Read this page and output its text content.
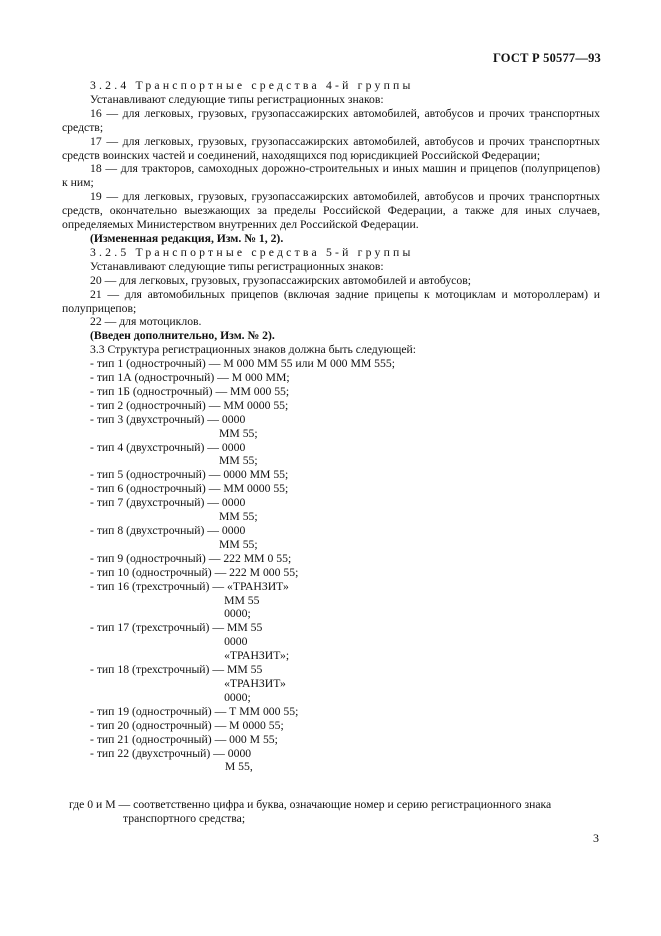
ГОСТ Р 50577—93

3.2.4 Транспортные средства 4-й группы

Устанавливают следующие типы регистрационных знаков:

16 — для легковых, грузовых, грузопассажирских автомобилей, автобусов и прочих транспортных средств;

17 — для легковых, грузовых, грузопассажирских автомобилей, автобусов и прочих транспортных средств воинских частей и соединений, находящихся под юрисдикцией Российской Федерации;

18 — для тракторов, самоходных дорожно-строительных и иных машин и прицепов (полуприцепов) к ним;

19 — для легковых, грузовых, грузопассажирских автомобилей, автобусов и прочих транспортных средств, окончательно выезжающих за пределы Российской Федерации, а также для иных случаев, определяемых Министерством внутренних дел Российской Федерации.

(Измененная редакция, Изм. № 1, 2).

3.2.5 Транспортные средства 5-й группы

Устанавливают следующие типы регистрационных знаков:

20 — для легковых, грузовых, грузопассажирских автомобилей и автобусов;

21 — для автомобильных прицепов (включая задние прицепы к мотоциклам и мотороллерам) и полуприцепов;

22 — для мотоциклов.

(Введен дополнительно, Изм. № 2).

3.3 Структура регистрационных знаков должна быть следующей:

- тип 1 (однострочный) — М 000 ММ 55 или М 000 ММ 555;

- тип 1А (однострочный) — М 000 ММ;

- тип 1Б (однострочный) — ММ 000 55;

- тип 2 (однострочный) — ММ 0000 55;

- тип 3 (двухстрочный) — 0000

ММ 55;

- тип 4 (двухстрочный) — 0000

ММ 55;

- тип 5 (однострочный) — 0000 ММ 55;

- тип 6 (однострочный) — ММ 0000 55;

- тип 7 (двухстрочный) — 0000

ММ 55;

- тип 8 (двухстрочный) — 0000

ММ 55;

- тип 9 (однострочный) — 222 ММ 0 55;

- тип 10 (однострочный) — 222 М 000 55;

- тип 16 (трехстрочный) — «ТРАНЗИТ»

ММ 55

0000;

- тип 17 (трехстрочный) — ММ 55

0000

«ТРАНЗИТ»;

- тип 18 (трехстрочный) — ММ 55

«ТРАНЗИТ»

0000;

- тип 19 (однострочный) — Т ММ 000 55;

- тип 20 (однострочный) — М 0000 55;

- тип 21 (однострочный) — 000 М 55;

- тип 22 (двухстрочный) — 0000

М 55,

где 0 и М — соответственно цифра и буква, означающие номер и серию регистрационного знака

транспортного средства;

3
